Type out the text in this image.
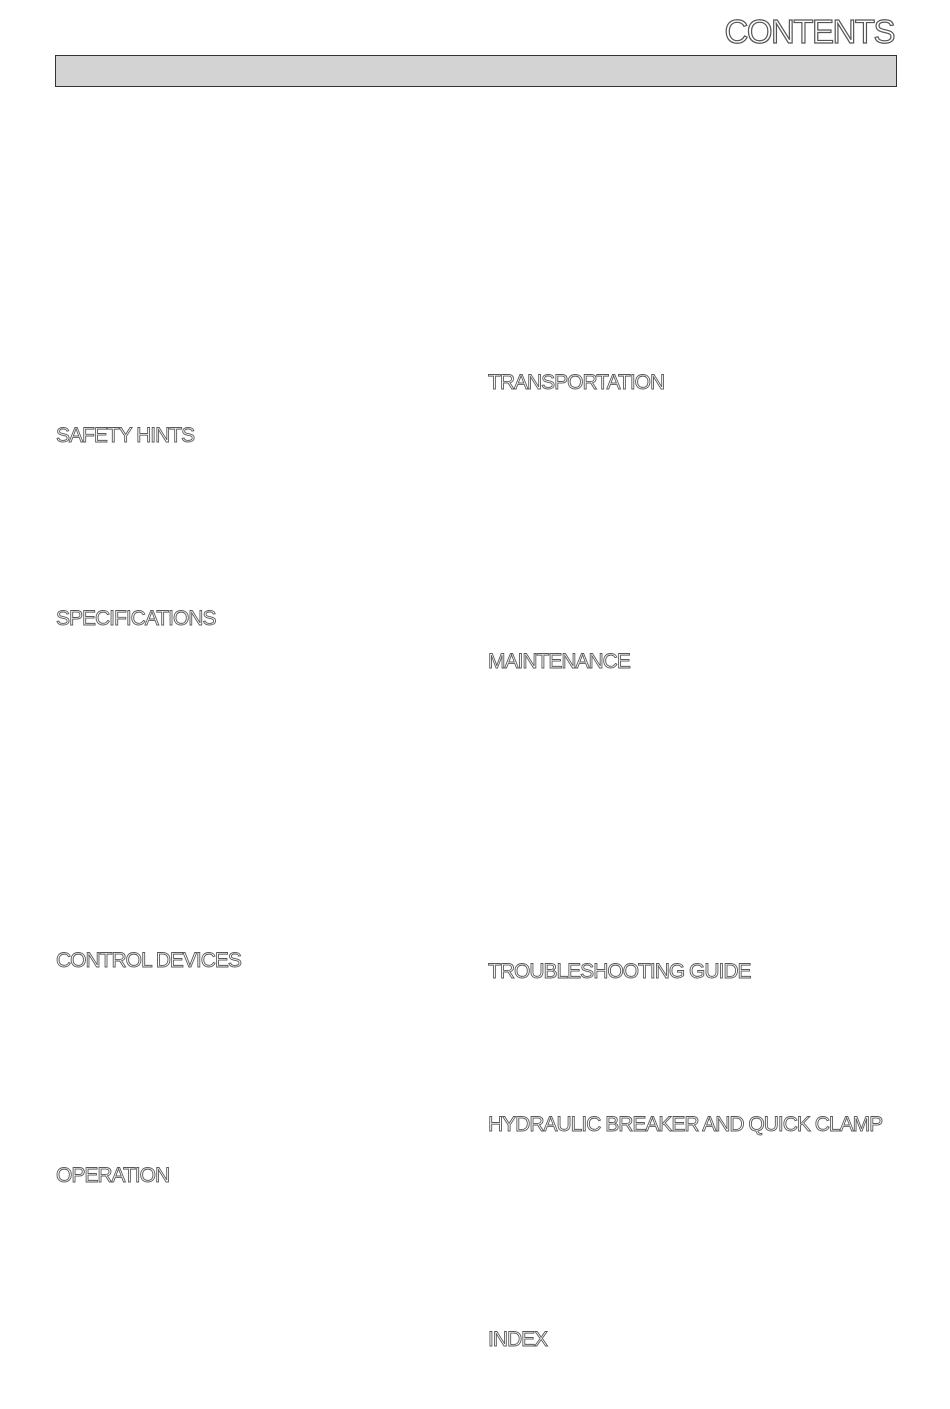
CONTENTS
SAFETY HINTS
SPECIFICATIONS
CONTROL DEVICES
OPERATION
TRANSPORTATION
MAINTENANCE
TROUBLESHOOTING GUIDE
HYDRAULIC BREAKER AND QUICK CLAMP
INDEX
